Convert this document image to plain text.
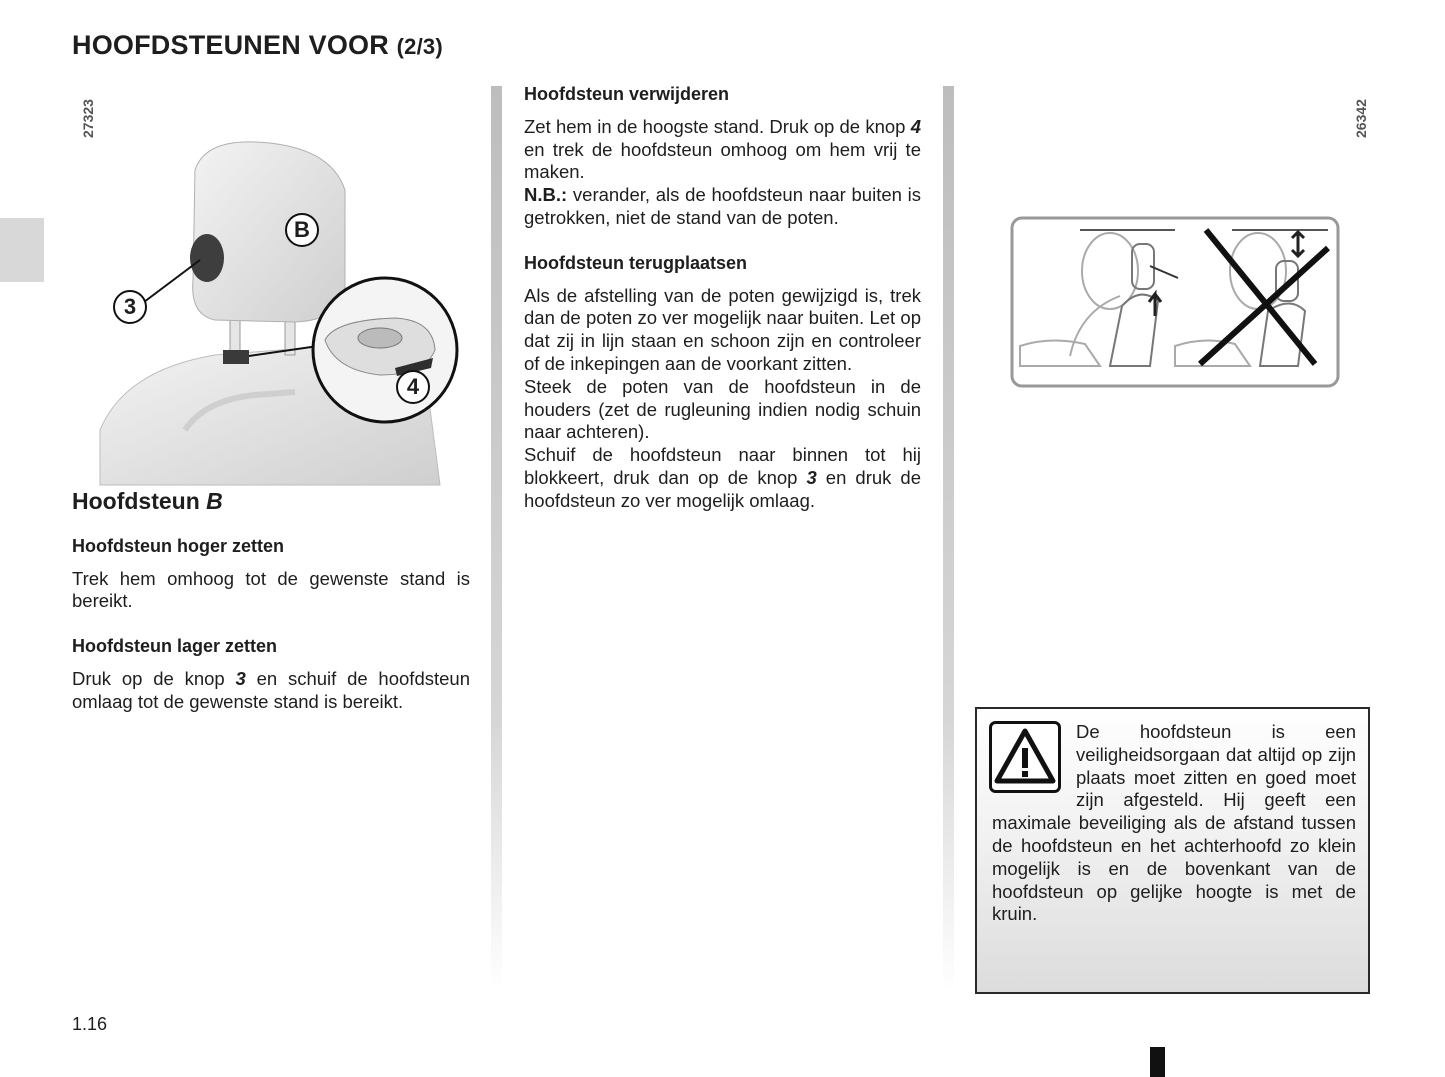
HOOFDSTEUNEN VOOR (2/3)
27323
B
3
4

Hoofdsteun B

Hoofdsteun hoger zetten

Trek hem omhoog tot de gewenste stand is bereikt.

Hoofdsteun lager zetten

Druk op de knop 3 en schuif de hoofdsteun omlaag tot de gewenste stand is bereikt.

Hoofdsteun verwijderen

Zet hem in de hoogste stand. Druk op de knop 4 en trek de hoofdsteun omhoog om hem vrij te maken.

N.B.: verander, als de hoofdsteun naar buiten is getrokken, niet de stand van de poten.

Hoofdsteun terugplaatsen

Als de afstelling van de poten gewijzigd is, trek dan de poten zo ver mogelijk naar buiten. Let op dat zij in lijn staan en schoon zijn en controleer of de inkepingen aan de voorkant zitten.

Steek de poten van de hoofdsteun in de houders (zet de rugleuning indien nodig schuin naar achteren).

Schuif de hoofdsteun naar binnen tot hij blokkeert, druk dan op de knop 3 en druk de hoofdsteun zo ver mogelijk omlaag.

26342
De hoofdsteun is een veiligheidsorgaan dat altijd op zijn plaats moet zitten en goed moet zijn afgesteld. Hij geeft een maximale beveiliging als de afstand tussen de hoofdsteun en het achterhoofd zo klein mogelijk is en de bovenkant van de hoofdsteun op gelijke hoogte is met de kruin.
1.16
